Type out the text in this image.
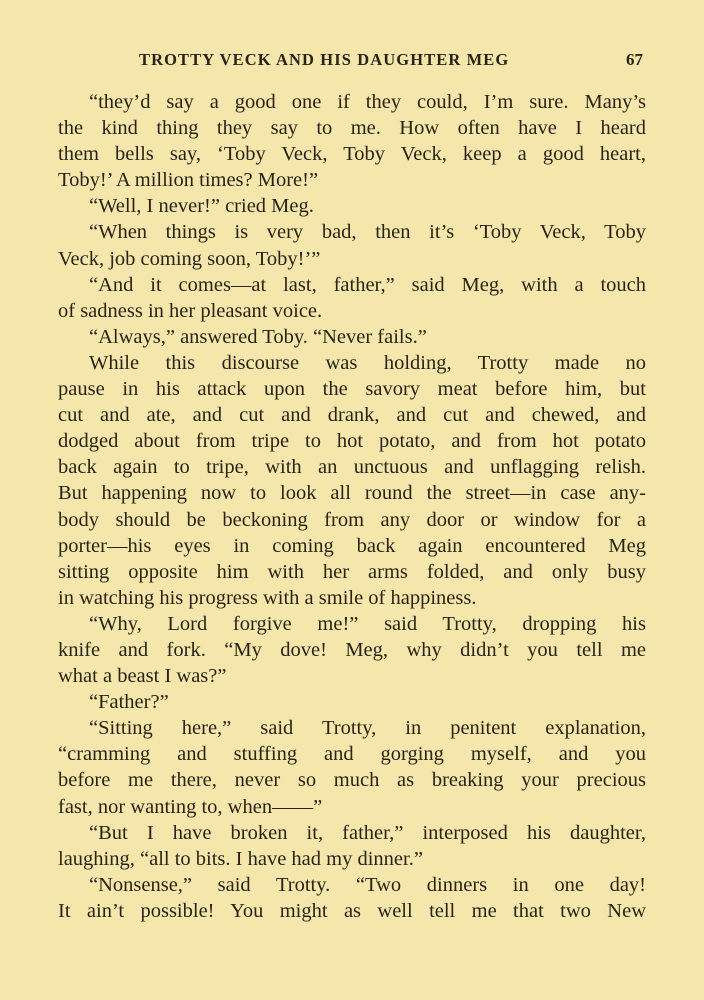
TROTTY VECK AND HIS DAUGHTER MEG	67
“they’d say a good one if they could, I’m sure. Many’s
the kind thing they say to me. How often have I heard
them bells say, ‘Toby Veck, Toby Veck, keep a good heart,
Toby!’ A million times? More!”
“Well, I never!” cried Meg.
“When things is very bad, then it’s ‘Toby Veck, Toby
Veck, job coming soon, Toby!’”
“And it comes—at last, father,” said Meg, with a touch
of sadness in her pleasant voice.
“Always,” answered Toby. “Never fails.”
While this discourse was holding, Trotty made no
pause in his attack upon the savory meat before him, but
cut and ate, and cut and drank, and cut and chewed, and
dodged about from tripe to hot potato, and from hot potato
back again to tripe, with an unctuous and unflagging relish.
But happening now to look all round the street—in case any-
body should be beckoning from any door or window for a
porter—his eyes in coming back again encountered Meg
sitting opposite him with her arms folded, and only busy
in watching his progress with a smile of happiness.
“Why, Lord forgive me!” said Trotty, dropping his
knife and fork. “My dove! Meg, why didn’t you tell me
what a beast I was?”
“Father?”
“Sitting here,” said Trotty, in penitent explanation,
“cramming and stuffing and gorging myself, and you
before me there, never so much as breaking your precious
fast, nor wanting to, when——”
“But I have broken it, father,” interposed his daughter,
laughing, “all to bits. I have had my dinner.”
“Nonsense,” said Trotty. “Two dinners in one day!
It ain’t possible! You might as well tell me that two New
